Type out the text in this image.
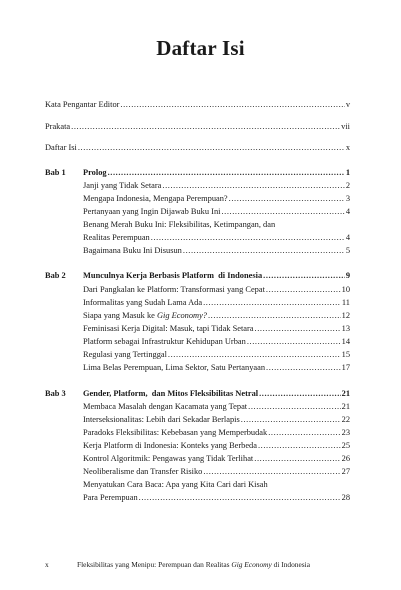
Daftar Isi
Kata Pengantar Editor .....	v
Prakata .....	vii
Daftar Isi .....	x
Bab 1 Prolog .....	1
Janji yang Tidak Setara .....	2
Mengapa Indonesia, Mengapa Perempuan? .....	3
Pertanyaan yang Ingin Dijawab Buku Ini .....	4
Benang Merah Buku Ini: Fleksibilitas, Ketimpangan, dan
Realitas Perempuan .....	4
Bagaimana Buku Ini Disusun .....	5
Bab 2 Munculnya Kerja Berbasis Platform  di Indonesia .....	9
Dari Pangkalan ke Platform: Transformasi yang Cepat .....	10
Informalitas yang Sudah Lama Ada .....	11
Siapa yang Masuk ke Gig Economy? .....	12
Feminisasi Kerja Digital: Masuk, tapi Tidak Setara .....	13
Platform sebagai Infrastruktur Kehidupan Urban .....	14
Regulasi yang Tertinggal .....	15
Lima Belas Perempuan, Lima Sektor, Satu Pertanyaan .....	17
Bab 3 Gender, Platform,  dan Mitos Fleksibilitas Netral .....	21
Membaca Masalah dengan Kacamata yang Tepat .....	21
Interseksionalitas: Lebih dari Sekadar Berlapis .....	22
Paradoks Fleksibilitas: Kebebasan yang Memperbudak .....	23
Kerja Platform di Indonesia: Konteks yang Berbeda .....	25
Kontrol Algoritmik: Pengawas yang Tidak Terlihat .....	26
Neoliberalisme dan Transfer Risiko .....	27
Menyatukan Cara Baca: Apa yang Kita Cari dari Kisah
Para Perempuan .....	28
x	Fleksibilitas yang Menipu: Perempuan dan Realitas Gig Economy di Indonesia
